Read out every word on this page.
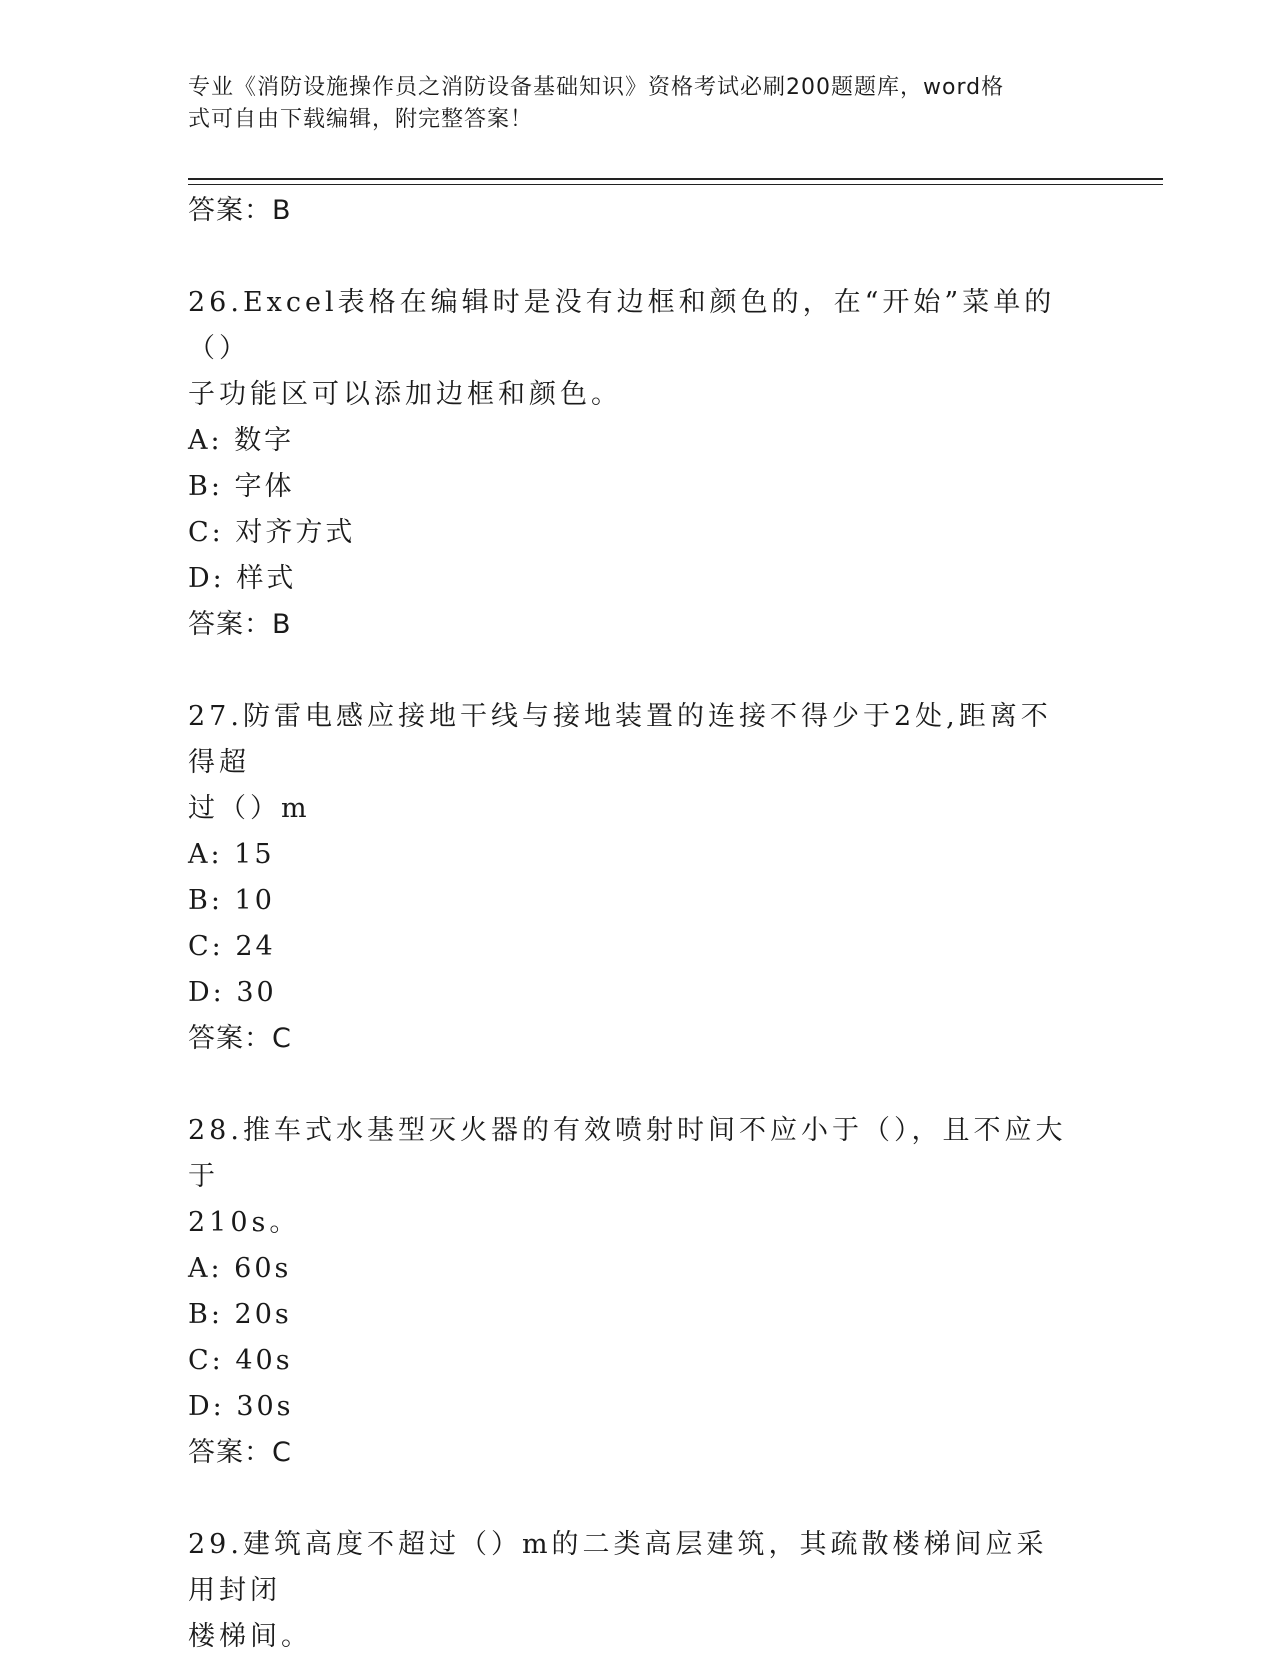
专业《消防设施操作员之消防设备基础知识》资格考试必刷200题题库，word格
式可自由下载编辑，附完整答案！
答案：B
26.Excel表格在编辑时是没有边框和颜色的，在“开始”菜单的（）
子功能区可以添加边框和颜色。
A: 数字
B: 字体
C: 对齐方式
D: 样式
答案：B
27.防雷电感应接地干线与接地装置的连接不得少于2处,距离不得超
过（）m
A: 15
B: 10
C: 24
D: 30
答案：C
28.推车式水基型灭火器的有效喷射时间不应小于（），且不应大于
210s。
A: 60s
B: 20s
C: 40s
D: 30s
答案：C
29.建筑高度不超过（）m的二类高层建筑，其疏散楼梯间应采用封闭
楼梯间。
